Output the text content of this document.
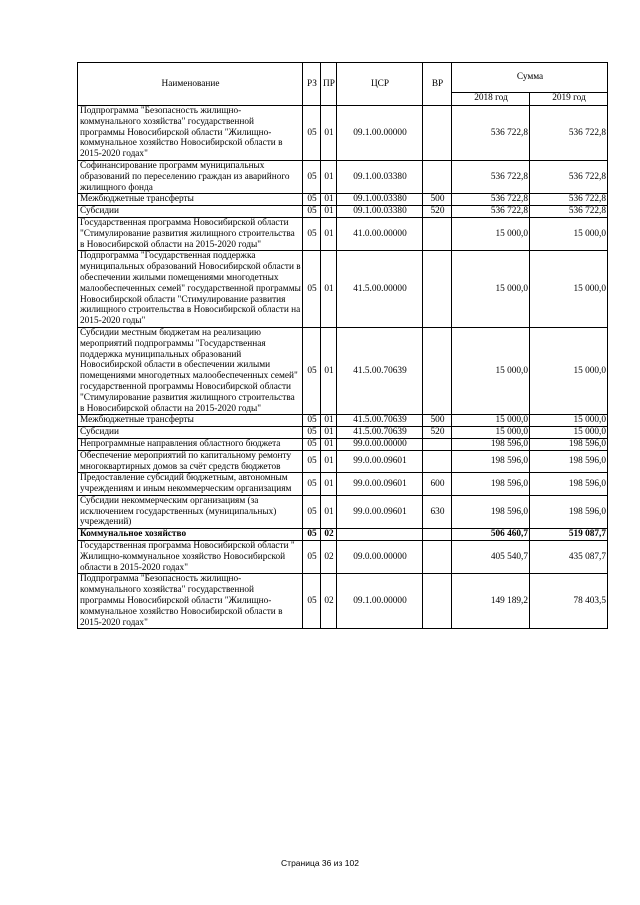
Наименование	РЗ	ПР	ЦСР	ВР	Сумма	
					2018 год	2019 год
Подпрограмма "Безопасность жилищно-коммунального хозяйства" государственной программы Новосибирской области "Жилищно-коммунальное хозяйство Новосибирской области в 2015-2020 годах"	05	01	09.1.00.00000		536 722,8	536 722,8
Софинансирование программ муниципальных образований по переселению граждан из аварийного жилищного фонда	05	01	09.1.00.03380		536 722,8	536 722,8
Межбюджетные трансферты	05	01	09.1.00.03380	500	536 722,8	536 722,8
Субсидии	05	01	09.1.00.03380	520	536 722,8	536 722,8
Государственная программа Новосибирской области "Стимулирование развития жилищного строительства в Новосибирской области на 2015-2020 годы"	05	01	41.0.00.00000		15 000,0	15 000,0
Подпрограмма "Государственная поддержка муниципальных образований Новосибирской области в обеспечении жилыми помещениями многодетных малообеспеченных семей" государственной программы Новосибирской области "Стимулирование развития жилищного строительства в Новосибирской области на 2015-2020 годы"	05	01	41.5.00.00000		15 000,0	15 000,0
Субсидии местным бюджетам на реализацию мероприятий подпрограммы "Государственная поддержка муниципальных образований Новосибирской области в обеспечении жилыми помещениями многодетных малообеспеченных семей" государственной программы Новосибирской области "Стимулирование развития жилищного строительства в Новосибирской области на 2015-2020 годы"	05	01	41.5.00.70639		15 000,0	15 000,0
Межбюджетные трансферты	05	01	41.5.00.70639	500	15 000,0	15 000,0
Субсидии	05	01	41.5.00.70639	520	15 000,0	15 000,0
Непрограммные направления областного бюджета	05	01	99.0.00.00000		198 596,0	198 596,0
Обеспечение мероприятий по капитальному ремонту многоквартирных домов за счёт средств бюджетов	05	01	99.0.00.09601		198 596,0	198 596,0
Предоставление субсидий бюджетным, автономным учреждениям и иным некоммерческим организациям	05	01	99.0.00.09601	600	198 596,0	198 596,0
Субсидии некоммерческим организациям (за исключением государственных (муниципальных) учреждений)	05	01	99.0.00.09601	630	198 596,0	198 596,0
Коммунальное хозяйство	05	02			506 460,7	519 087,7
Государственная программа Новосибирской области " Жилищно-коммунальное хозяйство Новосибирской области в 2015-2020 годах"	05	02	09.0.00.00000		405 540,7	435 087,7
Подпрограмма "Безопасность жилищно-коммунального хозяйства" государственной программы Новосибирской области "Жилищно-коммунальное хозяйство Новосибирской области в 2015-2020 годах"	05	02	09.1.00.00000		149 189,2	78 403,5
Страница 36 из 102
